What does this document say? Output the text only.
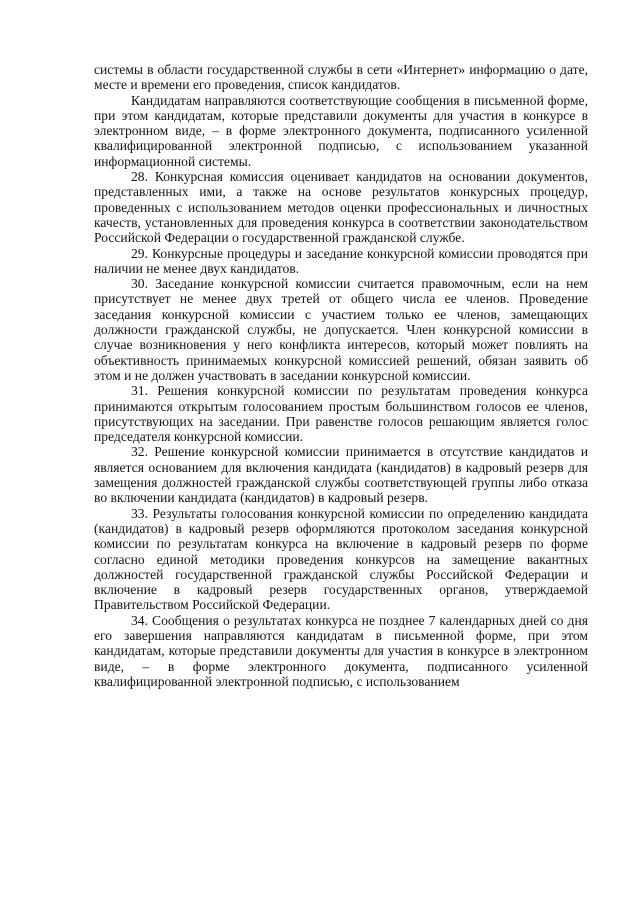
системы в области государственной службы в сети «Интернет» информацию о дате, месте и времени его проведения, список кандидатов.

Кандидатам направляются соответствующие сообщения в письменной форме, при этом кандидатам, которые представили документы для участия в конкурсе в электронном виде, – в форме электронного документа, подписанного усиленной квалифицированной электронной подписью, с использованием указанной информационной системы.

28. Конкурсная комиссия оценивает кандидатов на основании документов, представленных ими, а также на основе результатов конкурсных процедур, проведенных с использованием методов оценки профессиональных и личностных качеств, установленных для проведения конкурса в соответствии законодательством Российской Федерации о государственной гражданской службе.

29. Конкурсные процедуры и заседание конкурсной комиссии проводятся при наличии не менее двух кандидатов.

30. Заседание конкурсной комиссии считается правомочным, если на нем присутствует не менее двух третей от общего числа ее членов. Проведение заседания конкурсной комиссии с участием только ее членов, замещающих должности гражданской службы, не допускается. Член конкурсной комиссии в случае возникновения у него конфликта интересов, который может повлиять на объективность принимаемых конкурсной комиссией решений, обязан заявить об этом и не должен участвовать в заседании конкурсной комиссии.

31. Решения конкурсной комиссии по результатам проведения конкурса принимаются открытым голосованием простым большинством голосов ее членов, присутствующих на заседании. При равенстве голосов решающим является голос председателя конкурсной комиссии.

32. Решение конкурсной комиссии принимается в отсутствие кандидатов и является основанием для включения кандидата (кандидатов) в кадровый резерв для замещения должностей гражданской службы соответствующей группы либо отказа во включении кандидата (кандидатов) в кадровый резерв.

33. Результаты голосования конкурсной комиссии по определению кандидата (кандидатов) в кадровый резерв оформляются протоколом заседания конкурсной комиссии по результатам конкурса на включение в кадровый резерв по форме согласно единой методики проведения конкурсов на замещение вакантных должностей государственной гражданской службы Российской Федерации и включение в кадровый резерв государственных органов, утверждаемой Правительством Российской Федерации.

34. Сообщения о результатах конкурса не позднее 7 календарных дней со дня его завершения направляются кандидатам в письменной форме, при этом кандидатам, которые представили документы для участия в конкурсе в электронном виде, – в форме электронного документа, подписанного усиленной квалифицированной электронной подписью, с использованием
